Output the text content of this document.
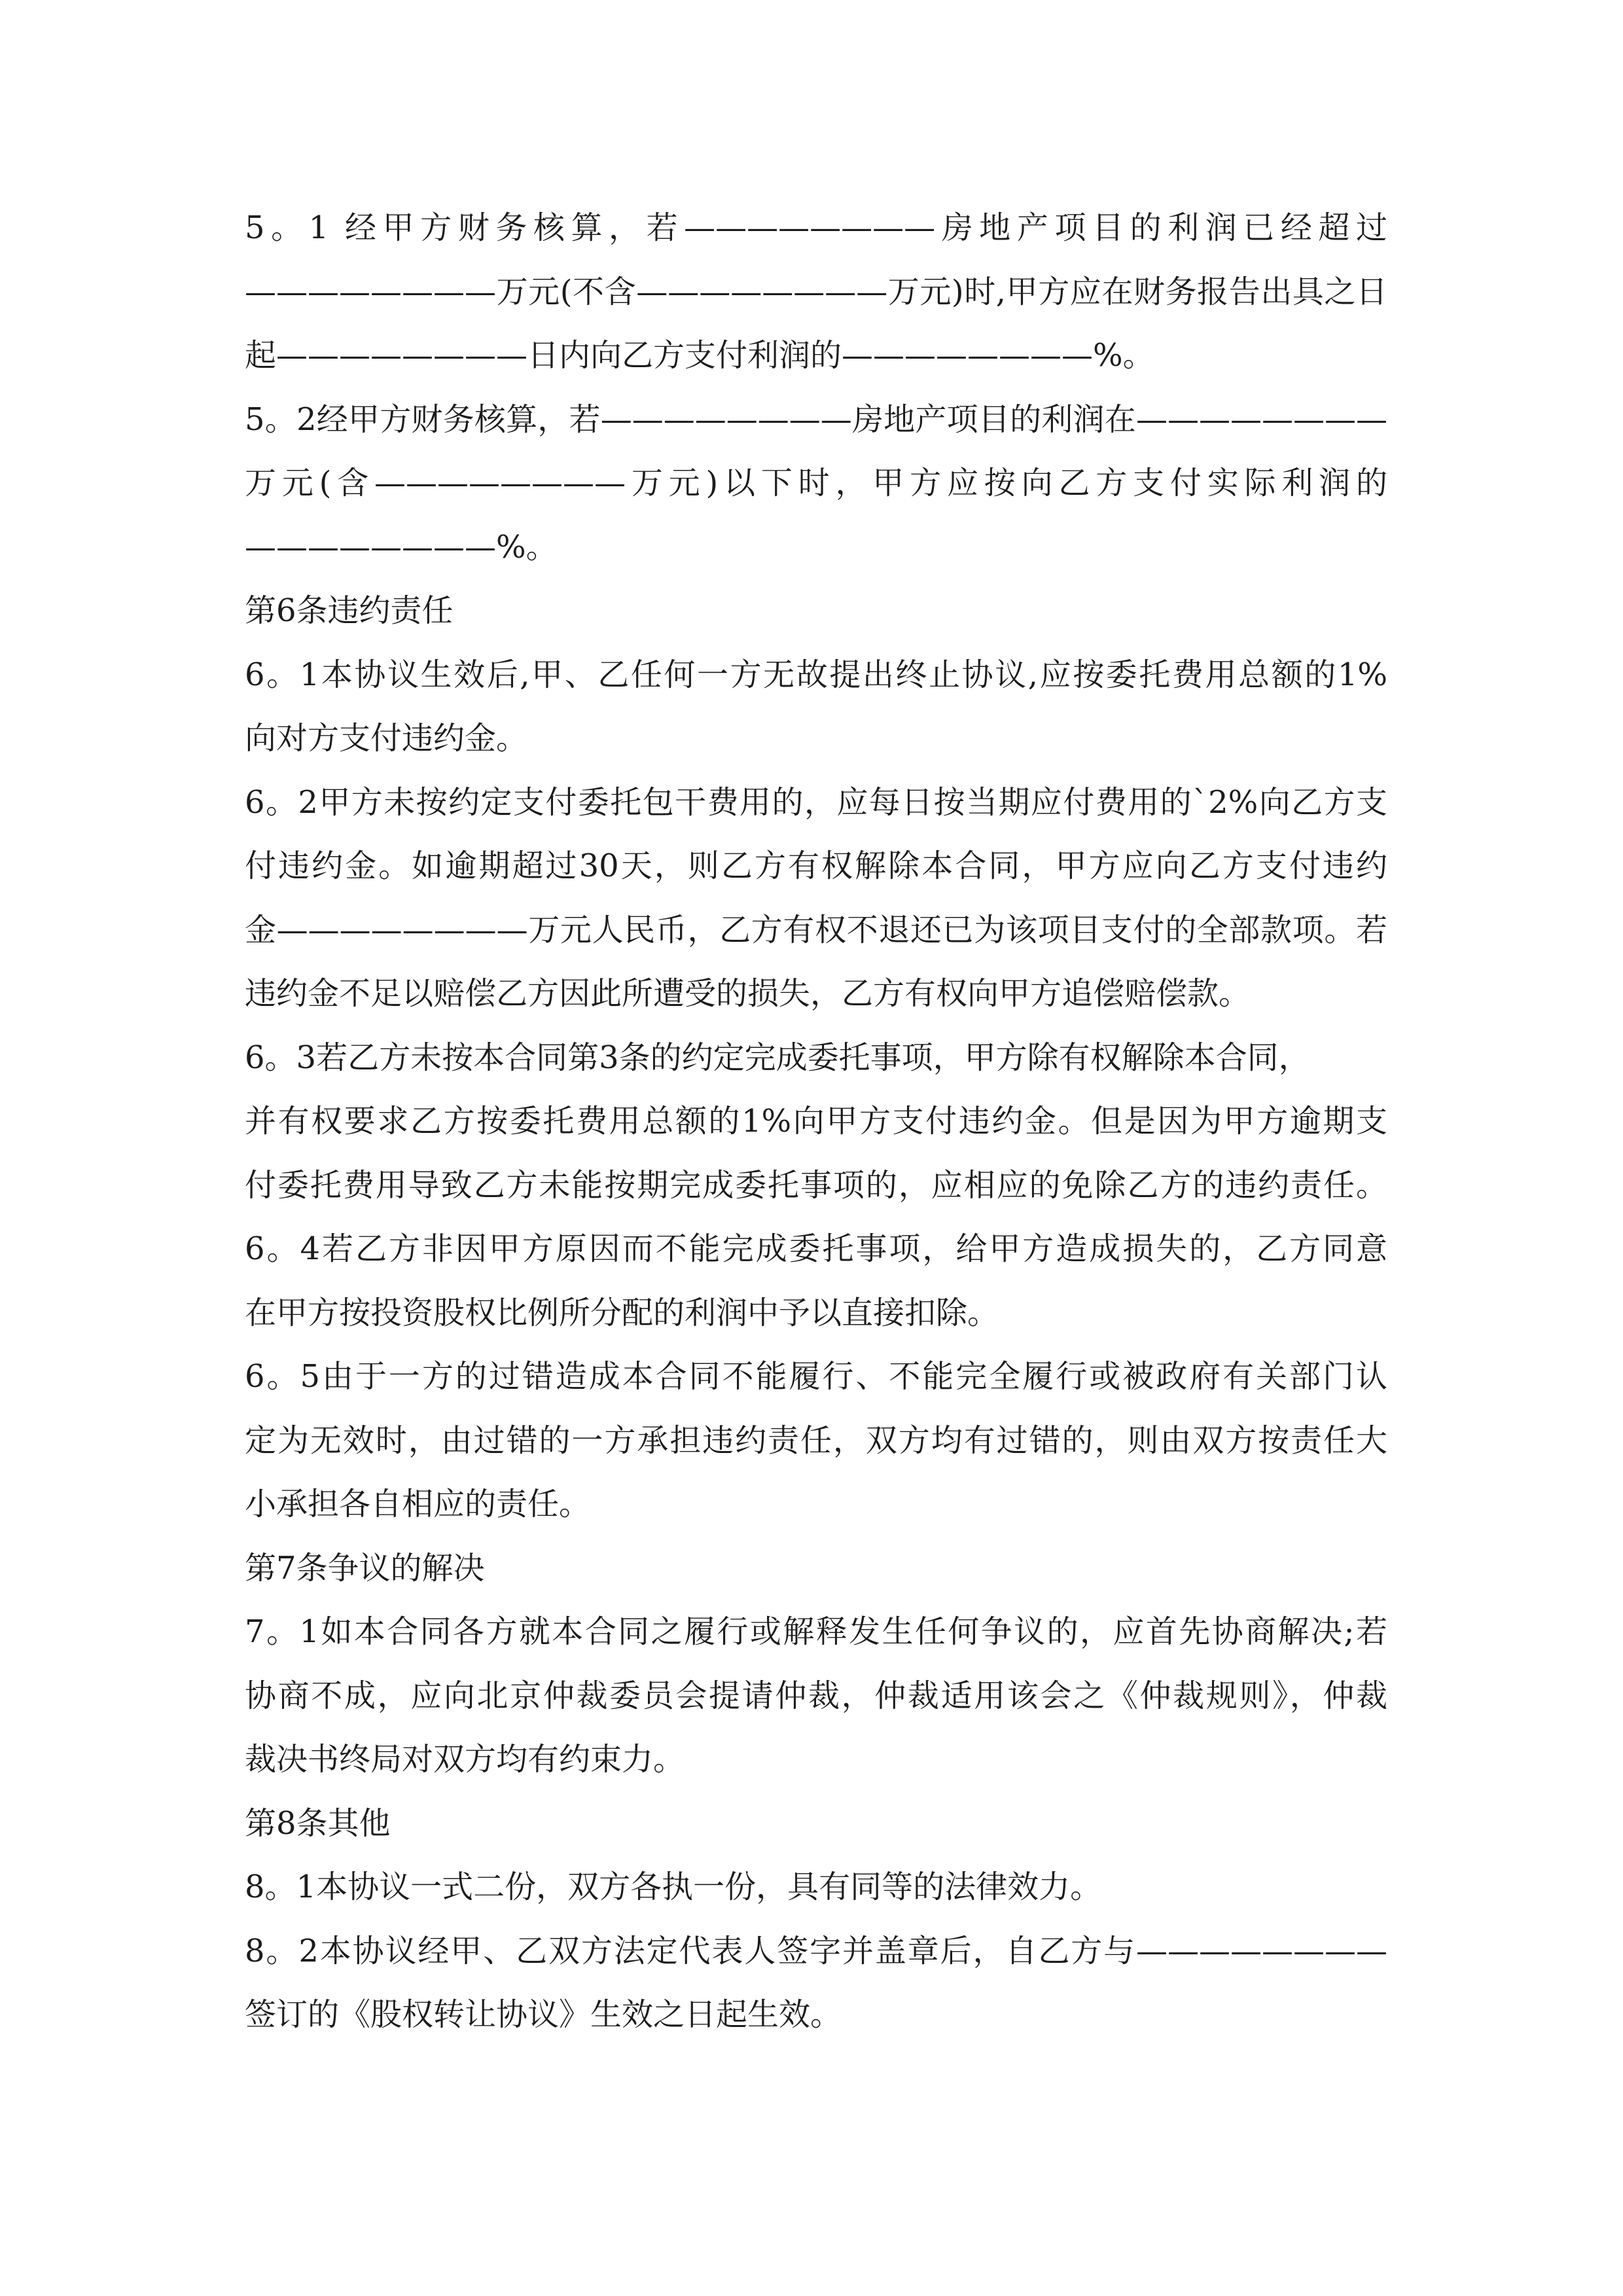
5。1 经甲方财务核算，若————————房地产项目的利润已经超过
————————万元(不含————————万元)时,甲方应在财务报告出具之日
起————————日内向乙方支付利润的————————%。
5。2经甲方财务核算，若————————房地产项目的利润在————————
万元(含————————万元)以下时，甲方应按向乙方支付实际利润的
————————%。
第6条违约责任
6。1本协议生效后,甲、乙任何一方无故提出终止协议,应按委托费用总额的1%
向对方支付违约金。
6。2甲方未按约定支付委托包干费用的，应每日按当期应付费用的`2%向乙方支
付违约金。如逾期超过30天，则乙方有权解除本合同，甲方应向乙方支付违约
金————————万元人民币，乙方有权不退还已为该项目支付的全部款项。若
违约金不足以赔偿乙方因此所遭受的损失，乙方有权向甲方追偿赔偿款。
6。3若乙方未按本合同第3条的约定完成委托事项，甲方除有权解除本合同，
并有权要求乙方按委托费用总额的1%向甲方支付违约金。但是因为甲方逾期支
付委托费用导致乙方未能按期完成委托事项的，应相应的免除乙方的违约责任。
6。4若乙方非因甲方原因而不能完成委托事项，给甲方造成损失的，乙方同意
在甲方按投资股权比例所分配的利润中予以直接扣除。
6。5由于一方的过错造成本合同不能履行、不能完全履行或被政府有关部门认
定为无效时，由过错的一方承担违约责任，双方均有过错的，则由双方按责任大
小承担各自相应的责任。
第7条争议的解决
7。1如本合同各方就本合同之履行或解释发生任何争议的，应首先协商解决;若
协商不成，应向北京仲裁委员会提请仲裁，仲裁适用该会之《仲裁规则》，仲裁
裁决书终局对双方均有约束力。
第8条其他
8。1本协议一式二份，双方各执一份，具有同等的法律效力。
8。2本协议经甲、乙双方法定代表人签字并盖章后，自乙方与————————
签订的《股权转让协议》生效之日起生效。
